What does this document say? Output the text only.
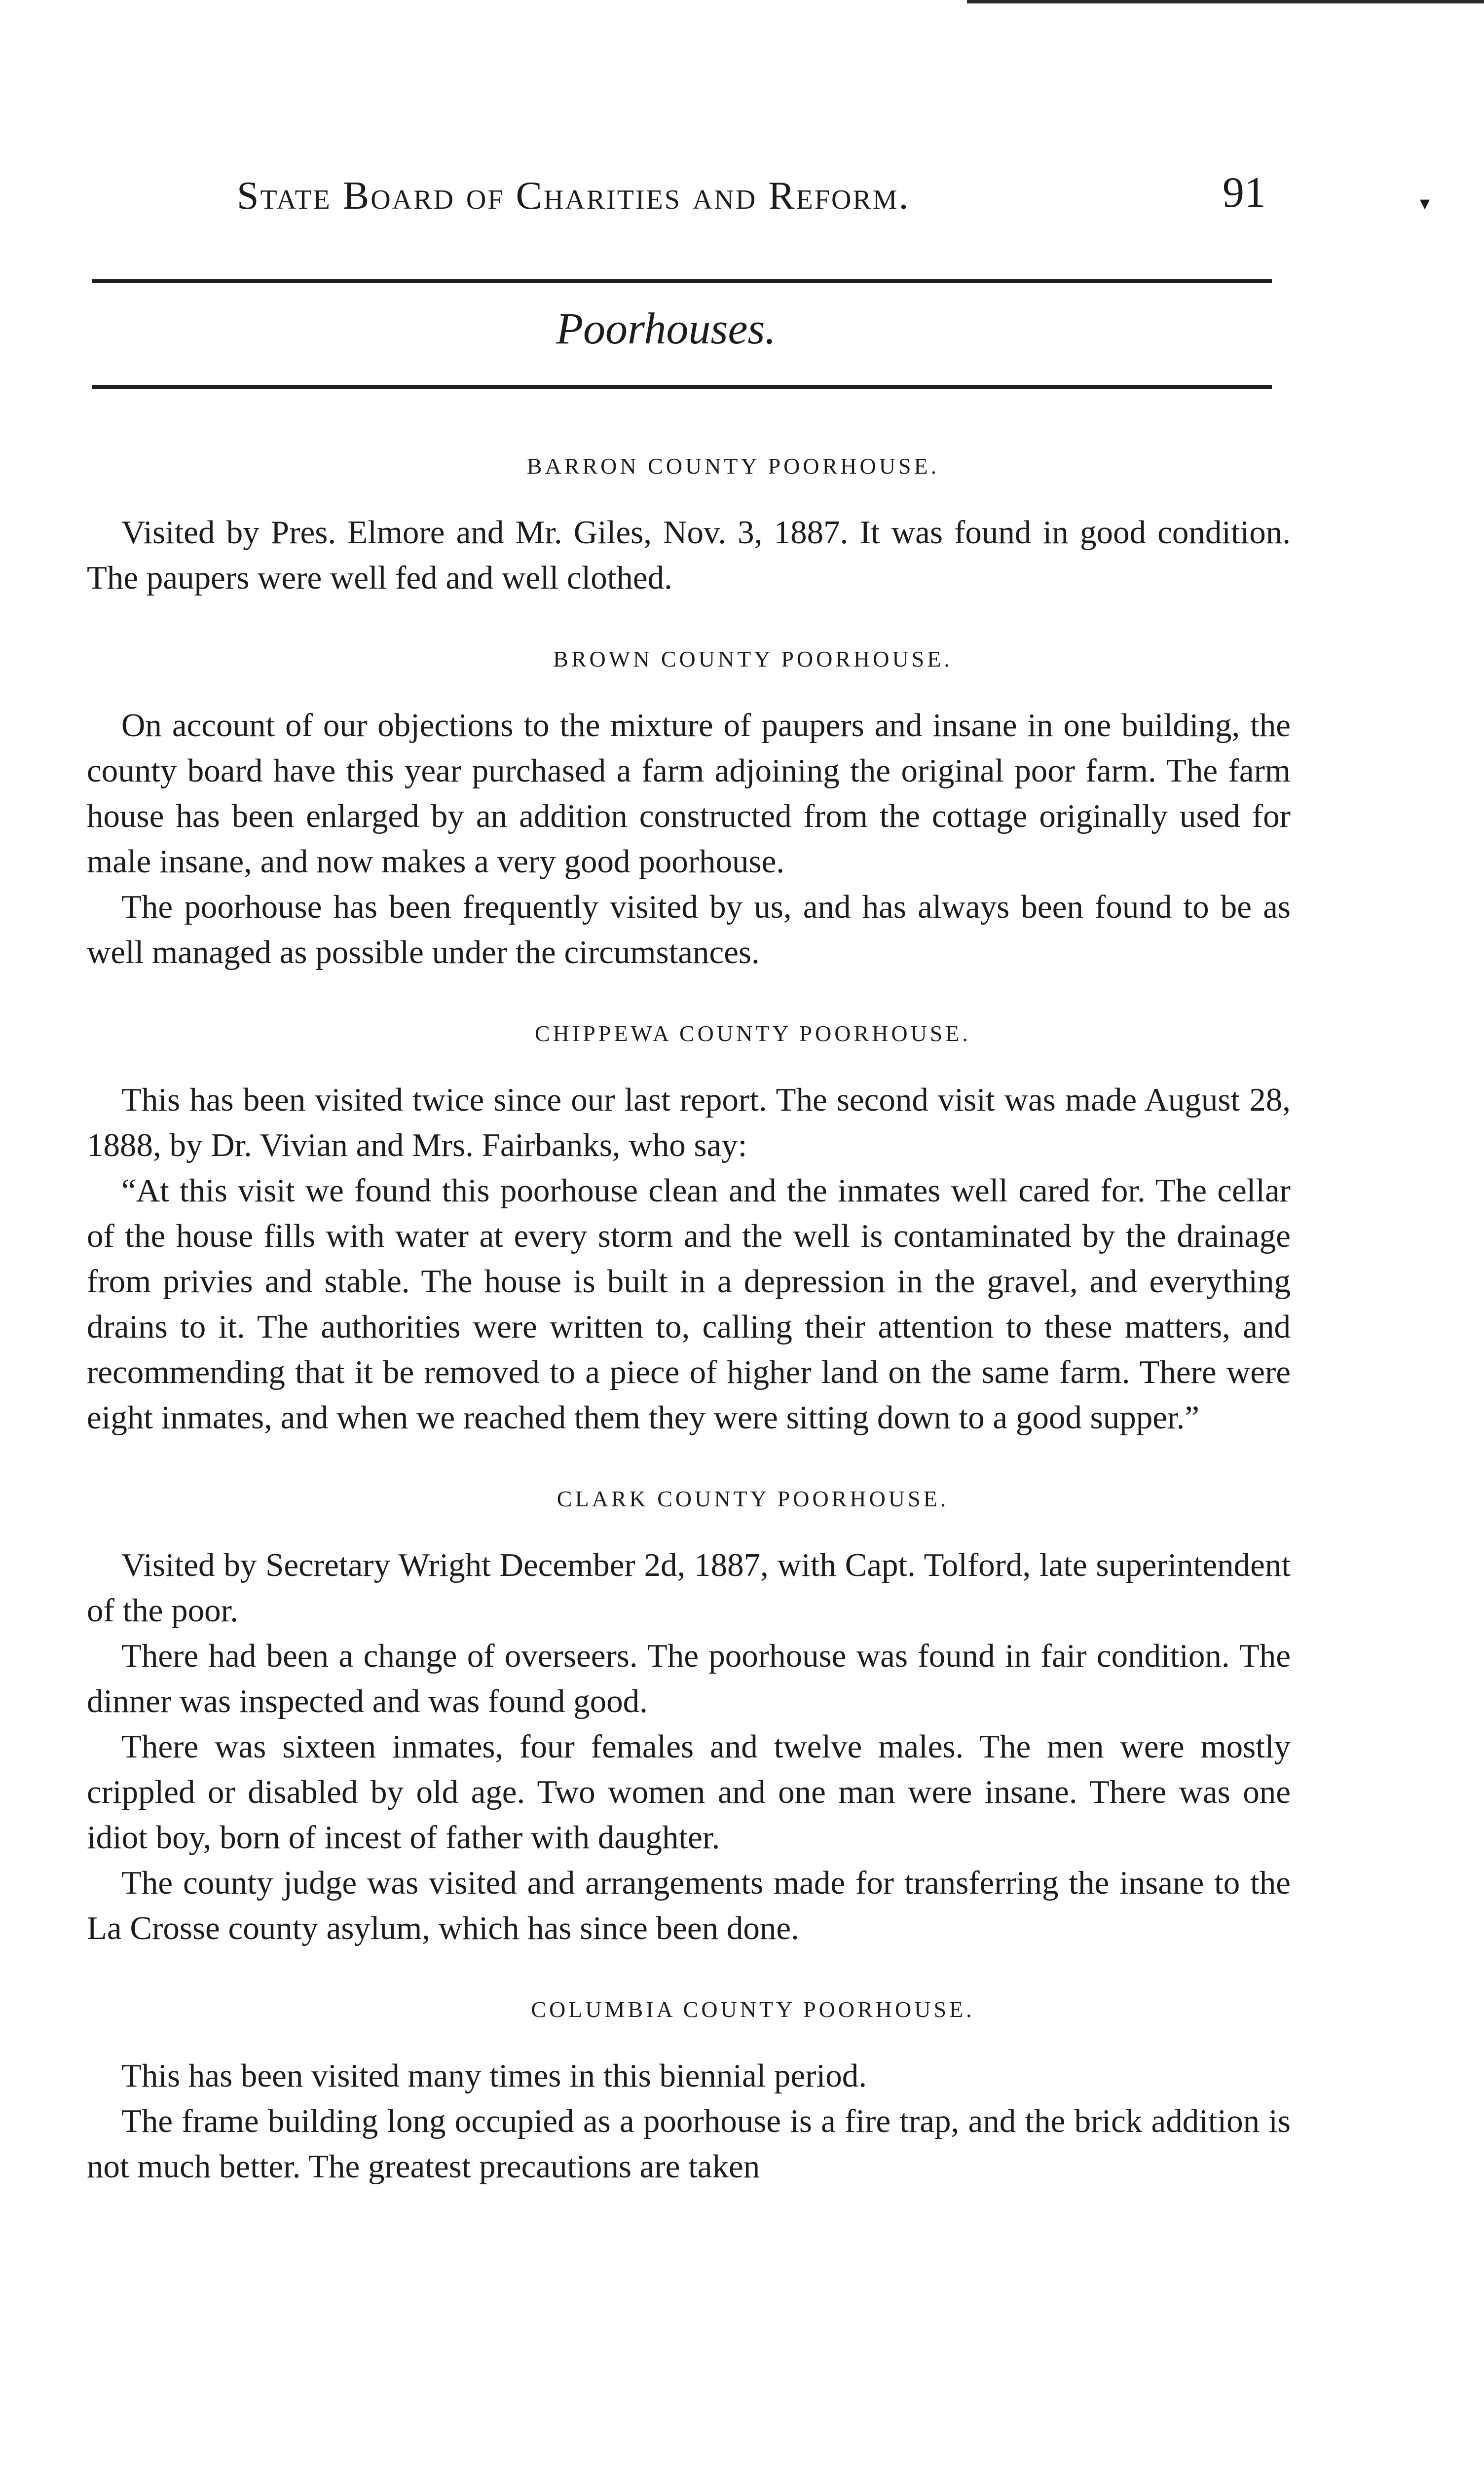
State Board of Charities and Reform.	91	▾
Poorhouses.

BARRON COUNTY POORHOUSE.

Visited by Pres. Elmore and Mr. Giles, Nov. 3, 1887. It was found in good condition. The paupers were well fed and well clothed.

BROWN COUNTY POORHOUSE.

On account of our objections to the mixture of paupers and insane in one building, the county board have this year purchased a farm adjoining the original poor farm. The farm house has been enlarged by an addition constructed from the cottage originally used for male insane, and now makes a very good poorhouse.

The poorhouse has been frequently visited by us, and has always been found to be as well managed as possible under the circumstances.

CHIPPEWA COUNTY POORHOUSE.

This has been visited twice since our last report. The second visit was made August 28, 1888, by Dr. Vivian and Mrs. Fairbanks, who say:

“At this visit we found this poorhouse clean and the inmates well cared for. The cellar of the house fills with water at every storm and the well is contaminated by the drainage from privies and stable. The house is built in a depression in the gravel, and everything drains to it. The authorities were written to, calling their attention to these matters, and recommending that it be removed to a piece of higher land on the same farm. There were eight inmates, and when we reached them they were sitting down to a good supper.”

CLARK COUNTY POORHOUSE.

Visited by Secretary Wright December 2d, 1887, with Capt. Tolford, late superintendent of the poor.

There had been a change of overseers. The poorhouse was found in fair condition. The dinner was inspected and was found good.

There was sixteen inmates, four females and twelve males. The men were mostly crippled or disabled by old age. Two women and one man were insane. There was one idiot boy, born of incest of father with daughter.

The county judge was visited and arrangements made for transferring the insane to the La Crosse county asylum, which has since been done.

COLUMBIA COUNTY POORHOUSE.

This has been visited many times in this biennial period.

The frame building long occupied as a poorhouse is a fire trap, and the brick addition is not much better. The greatest precautions are taken
